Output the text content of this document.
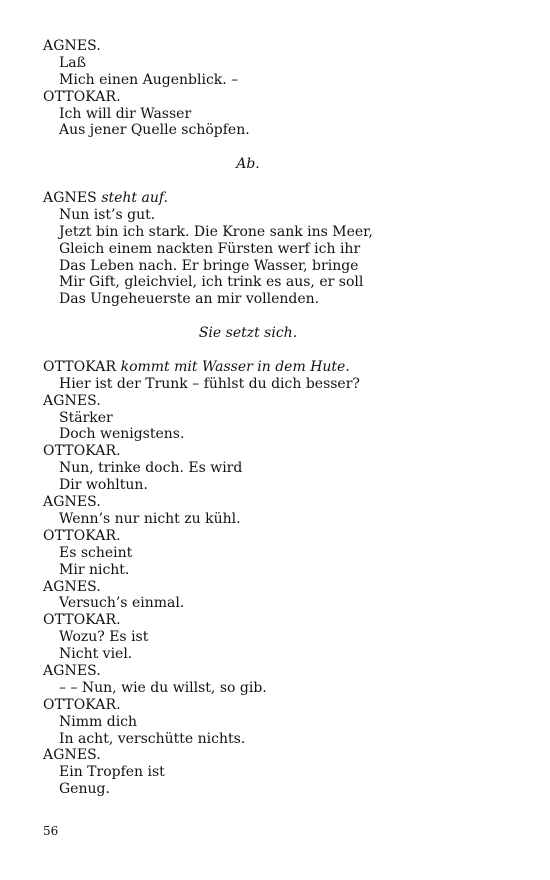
AGNES.
Laß
Mich einen Augenblick. –
OTTOKAR.
Ich will dir Wasser
Aus jener Quelle schöpfen.
Ab.
AGNES steht auf.
Nun ist’s gut.
Jetzt bin ich stark. Die Krone sank ins Meer,
Gleich einem nackten Fürsten werf ich ihr
Das Leben nach. Er bringe Wasser, bringe
Mir Gift, gleichviel, ich trink es aus, er soll
Das Ungeheuerste an mir vollenden.
Sie setzt sich.
OTTOKAR kommt mit Wasser in dem Hute.
Hier ist der Trunk – fühlst du dich besser?
AGNES.
Stärker
Doch wenigstens.
OTTOKAR.
Nun, trinke doch. Es wird
Dir wohltun.
AGNES.
Wenn’s nur nicht zu kühl.
OTTOKAR.
Es scheint
Mir nicht.
AGNES.
Versuch’s einmal.
OTTOKAR.
Wozu? Es ist
Nicht viel.
AGNES.
– – Nun, wie du willst, so gib.
OTTOKAR.
Nimm dich
In acht, verschütte nichts.
AGNES.
Ein Tropfen ist
Genug.
56
